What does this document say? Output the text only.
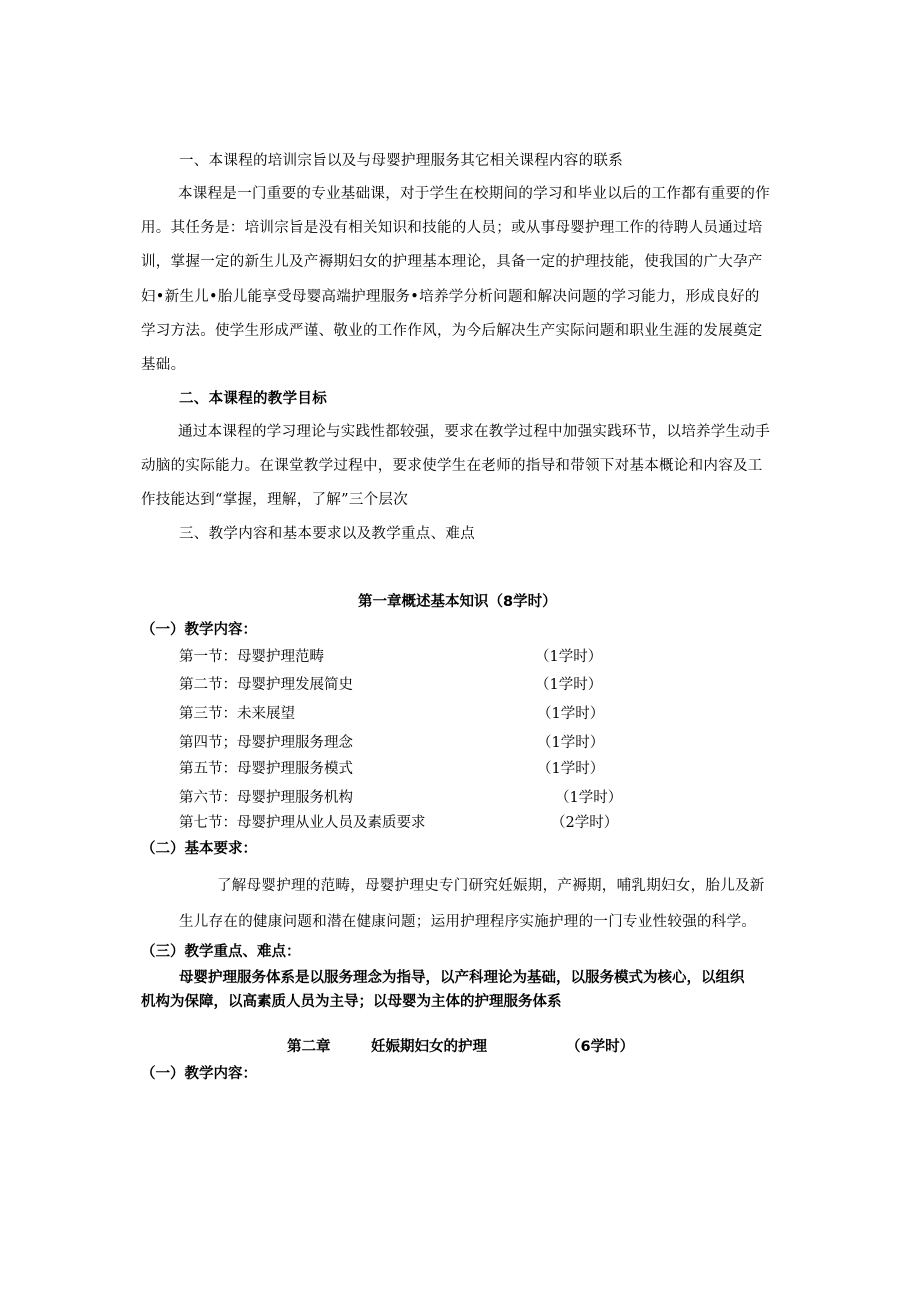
一、本课程的培训宗旨以及与母婴护理服务其它相关课程内容的联系
本课程是一门重要的专业基础课，对于学生在校期间的学习和毕业以后的工作都有重要的作
用。其任务是：培训宗旨是没有相关知识和技能的人员；或从事母婴护理工作的待聘人员通过培
训，掌握一定的新生儿及产褥期妇女的护理基本理论，具备一定的护理技能，使我国的广大孕产
妇•新生儿•胎儿能享受母婴高端护理服务•培养学分析问题和解决问题的学习能力，形成良好的
学习方法。使学生形成严谨、敬业的工作作风，为今后解决生产实际问题和职业生涯的发展奠定
基础。
二、本课程的教学目标
通过本课程的学习理论与实践性都较强，要求在教学过程中加强实践环节，以培养学生动手
动脑的实际能力。在课堂教学过程中，要求使学生在老师的指导和带领下对基本概论和内容及工
作技能达到“掌握，理解，了解”三个层次
三、教学内容和基本要求以及教学重点、难点
第一章概述基本知识（8学时）
（一）教学内容：
第一节：母婴护理范畴	（1学时）
第二节：母婴护理发展简史	（1学时）
第三节：未来展望	（1学时）
第四节；母婴护理服务理念	（1学时）
第五节：母婴护理服务模式	（1学时）
第六节：母婴护理服务机构	（1学时）
第七节：母婴护理从业人员及素质要求	（2学时）
（二）基本要求：
了解母婴护理的范畴，母婴护理史专门研究妊娠期，产褥期，哺乳期妇女，胎儿及新
生儿存在的健康问题和潜在健康问题；运用护理程序实施护理的一门专业性较强的科学。
（三）教学重点、难点：
母婴护理服务体系是以服务理念为指导，以产科理论为基础，以服务模式为核心，以组织
机构为保障，以高素质人员为主导；以母婴为主体的护理服务体系
第二章	妊娠期妇女的护理	（6学时）
（一）教学内容：
